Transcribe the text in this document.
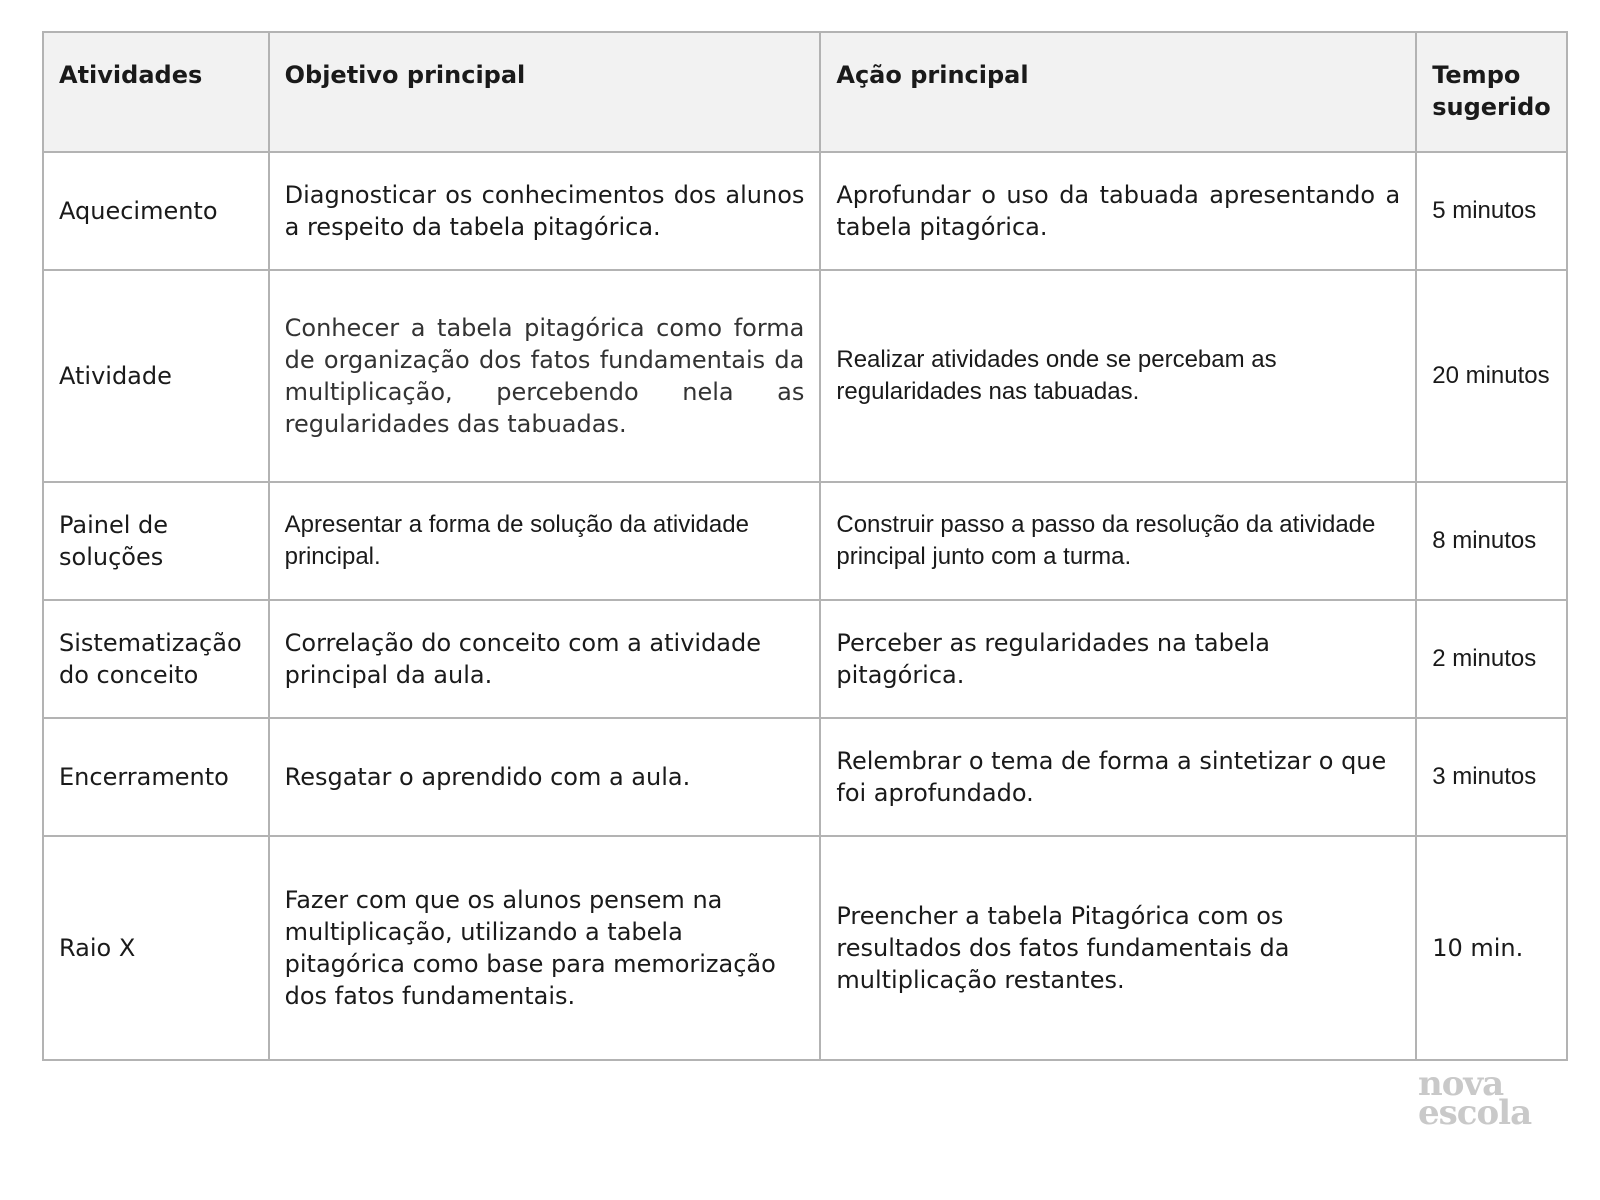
Atividades	Objetivo principal	Ação principal	Tempo sugerido
Aquecimento	Diagnosticar os conhecimentos dos alunos a respeito da tabela pitagórica.	Aprofundar o uso da tabuada apresentando a tabela pitagórica.	5 minutos
Atividade	Conhecer a tabela pitagórica como forma de organização dos fatos fundamentais da multiplicação, percebendo nela as regularidades das tabuadas.	Realizar atividades onde se percebam as regularidades nas tabuadas.	20 minutos
Painel de soluções	Apresentar a forma de solução da atividade principal.	Construir passo a passo da resolução da atividade principal junto com a turma.	8 minutos
Sistematização do conceito	Correlação do conceito com a atividade principal da aula.	Perceber as regularidades na tabela pitagórica.	2 minutos
Encerramento	Resgatar o aprendido com a aula.	Relembrar o tema de forma a sintetizar o que foi aprofundado.	3 minutos
Raio X	Fazer com que os alunos pensem na multiplicação, utilizando a tabela pitagórica como base para memorização dos fatos fundamentais.	Preencher a tabela Pitagórica com os resultados dos fatos fundamentais da multiplicação restantes.	10 min.
nova
escola
